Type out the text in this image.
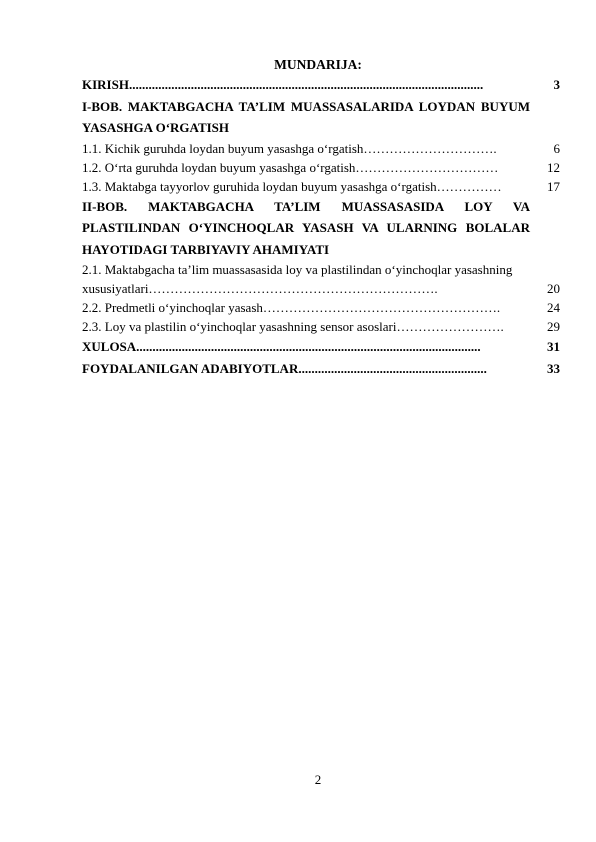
MUNDARIJA:
KIRISH.............................................................................................................	3
I-BOB. MAKTABGACHA TA’LIM MUASSASALARIDA LOYDAN BUYUM YASASHGA O‘RGATISH
1.1. Kichik guruhda loydan buyum yasashga o‘rgatish………………………….	6
1.2. O‘rta guruhda loydan buyum yasashga o‘rgatish……………………………	12
1.3. Maktabga tayyorlov guruhida loydan buyum yasashga o‘rgatish……………	17
II-BOB. MAKTABGACHA TA’LIM MUASSASASIDA LOY VA PLASTILINDAN O‘YINCHOQLAR YASASH VA ULARNING BOLALAR HAYOTIDAGI TARBIYAVIY AHAMIYATI
2.1. Maktabgacha ta’lim muassasasida loy va plastilindan o‘yinchoqlar yasashning
xususiyatlari………………………………………………………….	20
2.2. Predmetli o‘yinchoqlar yasash……………………………………………….	24
2.3. Loy va plastilin o‘yinchoqlar yasashning sensor asoslari…………………….	29
XULOSA..........................................................................................................	31
FOYDALANILGAN ADABIYOTLAR..........................................................	33
2
